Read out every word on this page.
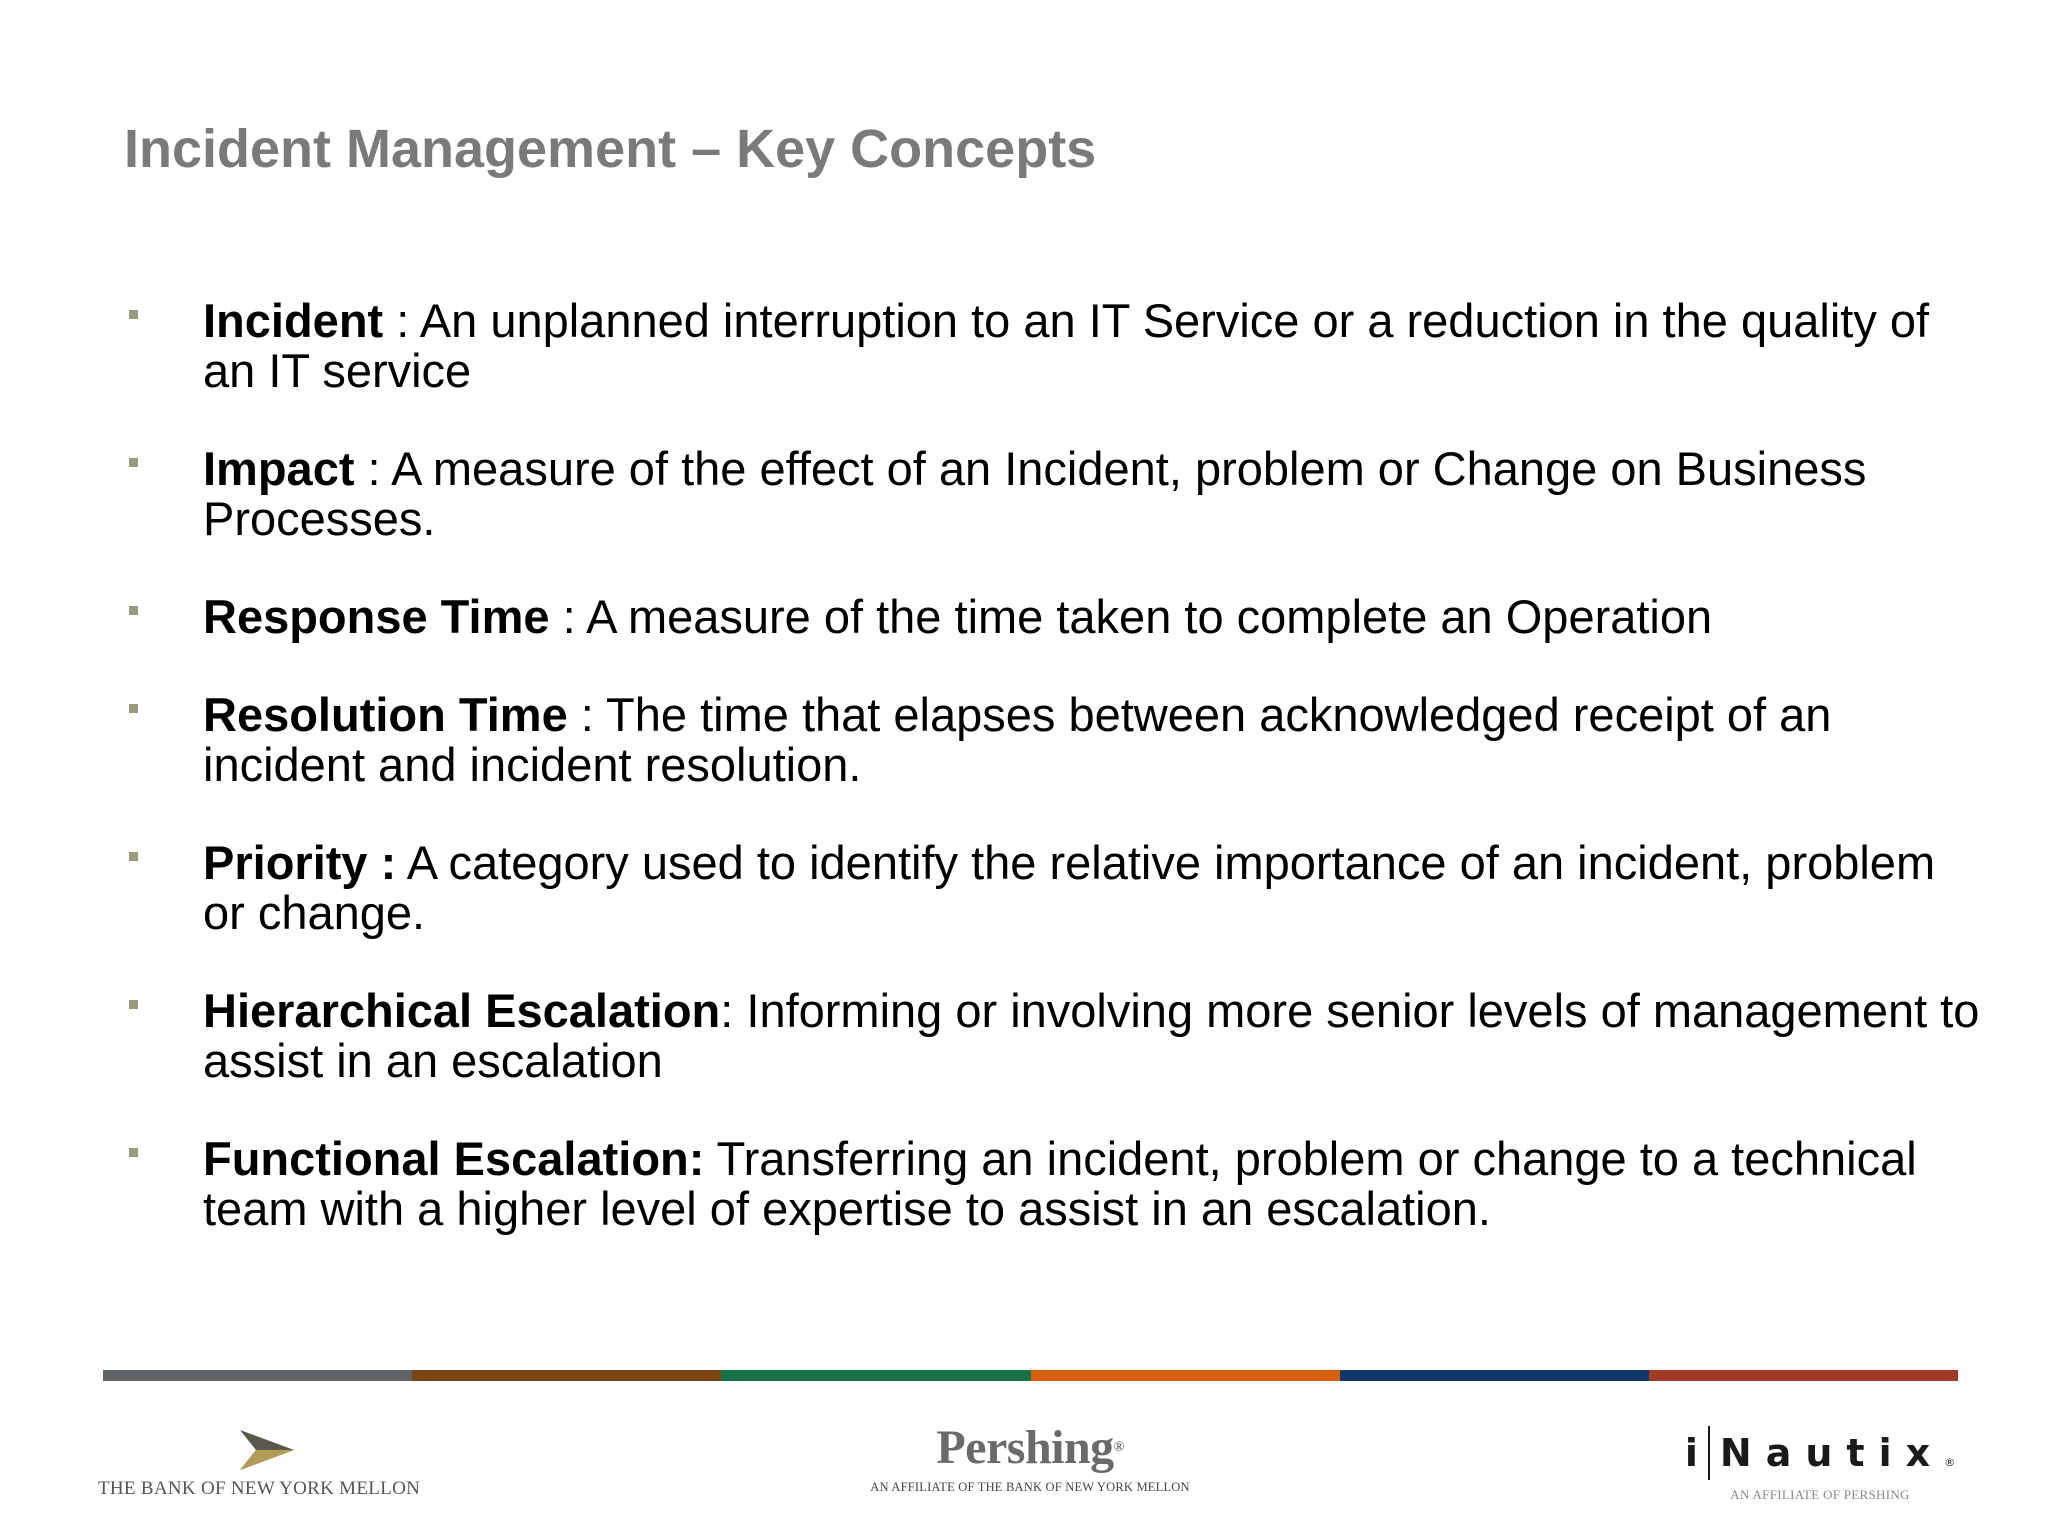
Incident Management – Key Concepts
Incident : An unplanned interruption to an IT Service or a reduction in the quality of an IT service
Impact : A measure of the effect of an Incident, problem or Change on Business Processes.
Response Time : A measure of the time taken to complete an Operation
Resolution Time : The time that elapses between acknowledged receipt of an incident and incident resolution.
Priority : A category used to identify the relative importance of an incident, problem or change.
Hierarchical Escalation: Informing or involving more senior levels of management to assist in an escalation
Functional Escalation: Transferring an incident, problem or change to a technical team with a higher level of expertise to assist in an escalation.
THE BANK OF NEW YORK MELLON
Pershing®
AN AFFILIATE OF THE BANK OF NEW YORK MELLON
i Nautix ®
AN AFFILIATE OF PERSHING
